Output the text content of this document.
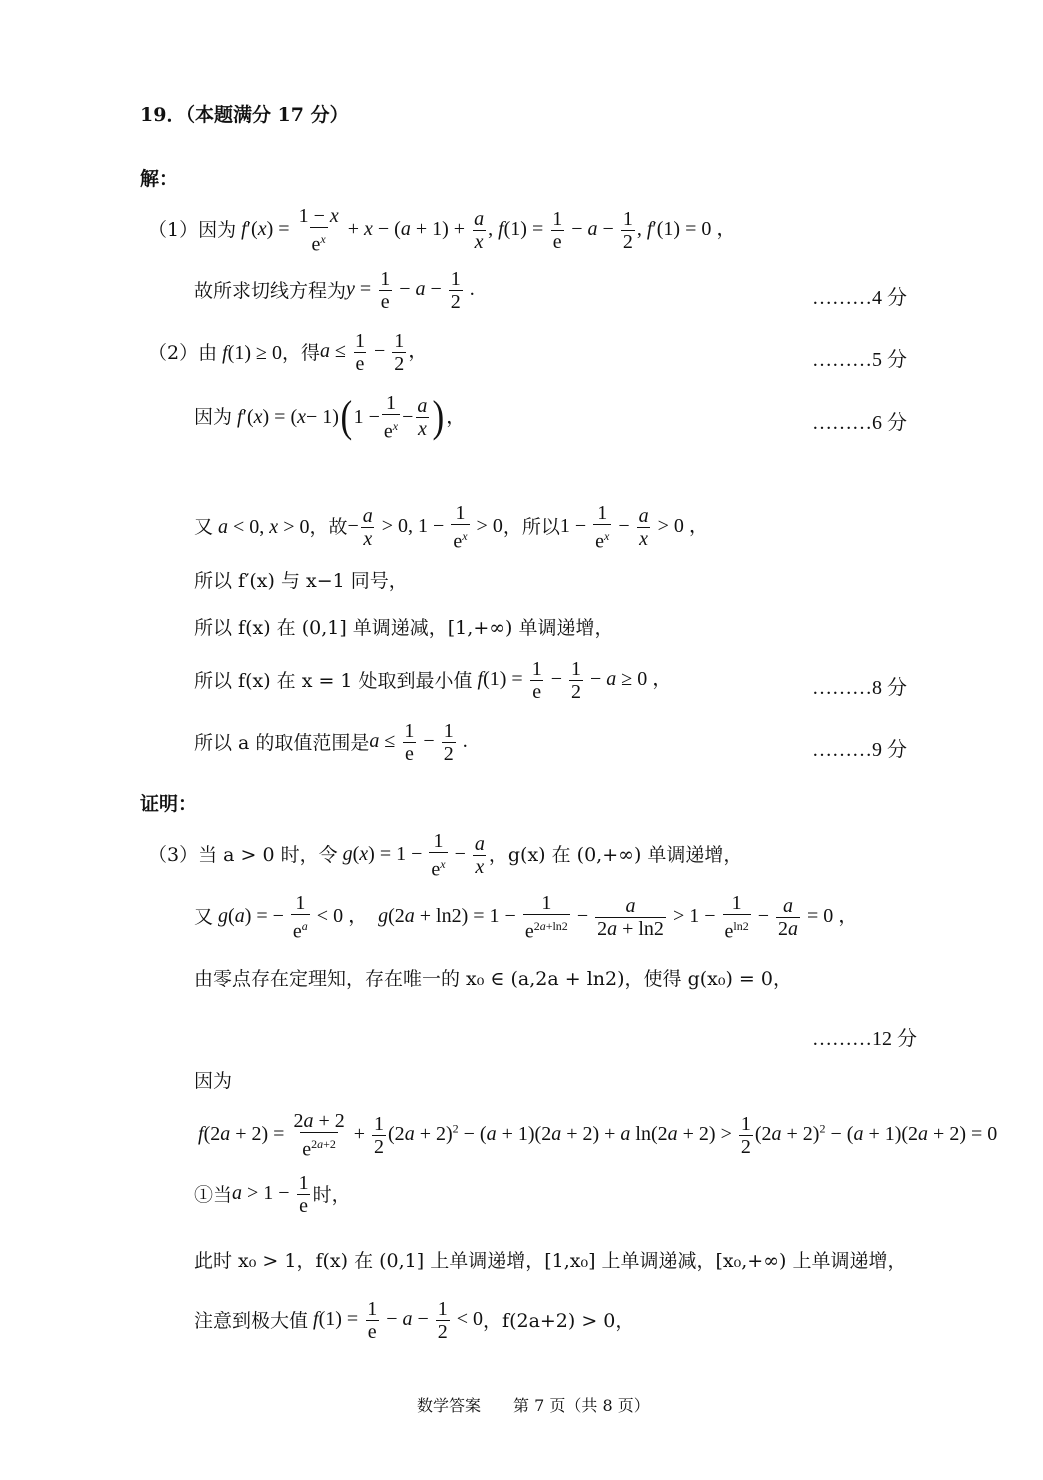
19．（本题满分 17 分）
解：
（1） 因为 $f'(x) = \frac{1 - x}{e^x} + x - (a + 1) + \frac{a}{x}$ , $f(1) = \frac{1}{e} - a - \frac{1}{2}$ , f′(1) = 0 ，
故所求切线方程为 $y = \frac{1}{e} - a - \frac{1}{2}$ .	………4 分
（2） 由 f(1) ≥ 0 ，得 $a \le \frac{1}{e} - \frac{1}{2}$ ，	………5 分
因为
f ′( x ) = ( x − 1) ( $1 - \frac{1}{e^x} - \frac{a}{x}$ ) ，	………6 分
又 a < 0, x > 0 ，故 − $\frac{a}{x} > 0$, $1 - \frac{1}{e^x} > 0$ ，所以 $1 - \frac{1}{e^x} - \frac{a}{x} > 0$ ，
所以 f′(x) 与 x−1 同号，
所以 f(x) 在 (0,1] 单调递减，[1,+∞) 单调递增，
所以 f(x) 在 x = 1 处取到最小值 $f(1) = \frac{1}{e} - \frac{1}{2} - a \ge 0$ ，	………8 分
所以 a 的取值范围是 $a \le \frac{1}{e} - \frac{1}{2}$ .	………9 分
证明：
（3） 当 a > 0 时，令 $g(x) = 1 - \frac{1}{e^x} - \frac{a}{x}$ ，g(x) 在 (0,+∞) 单调递增，
又 g(a) = − $\frac{1}{e^a} < 0$ ，  $g(2a + \ln 2) = 1 - \frac{1}{e^{2a+ln2}} - \frac{a}{2a + \ln 2} > 1 - \frac{1}{e^{ln2}} - \frac{a}{2a} = 0$ ，
由零点存在定理知，存在唯一的 x₀ ∈ (a,2a + ln2)，使得 g(x₀) = 0，
………12 分
因为
$f(2a + 2) = \frac{2a + 2}{e^{2a+2}} + \frac{1}{2} (2a + 2)^2 - (a + 1)(2a + 2) + a$ $\ln(2a + 2) > \frac{1}{2} (2a + 2)^2 - (a + 1)(2a + 2) = 0$
①当 $a > 1 - \frac{1}{e}$ 时，
此时 x₀ > 1，f(x) 在 (0,1] 上单调递增，[1,x₀] 上单调递减，[x₀,+∞) 上单调递增，
注意到极大值 $f(1) = \frac{1}{e} - a - \frac{1}{2} < 0$ ，f(2a+2) > 0，
数学答案　　第 7 页（共 8 页）
